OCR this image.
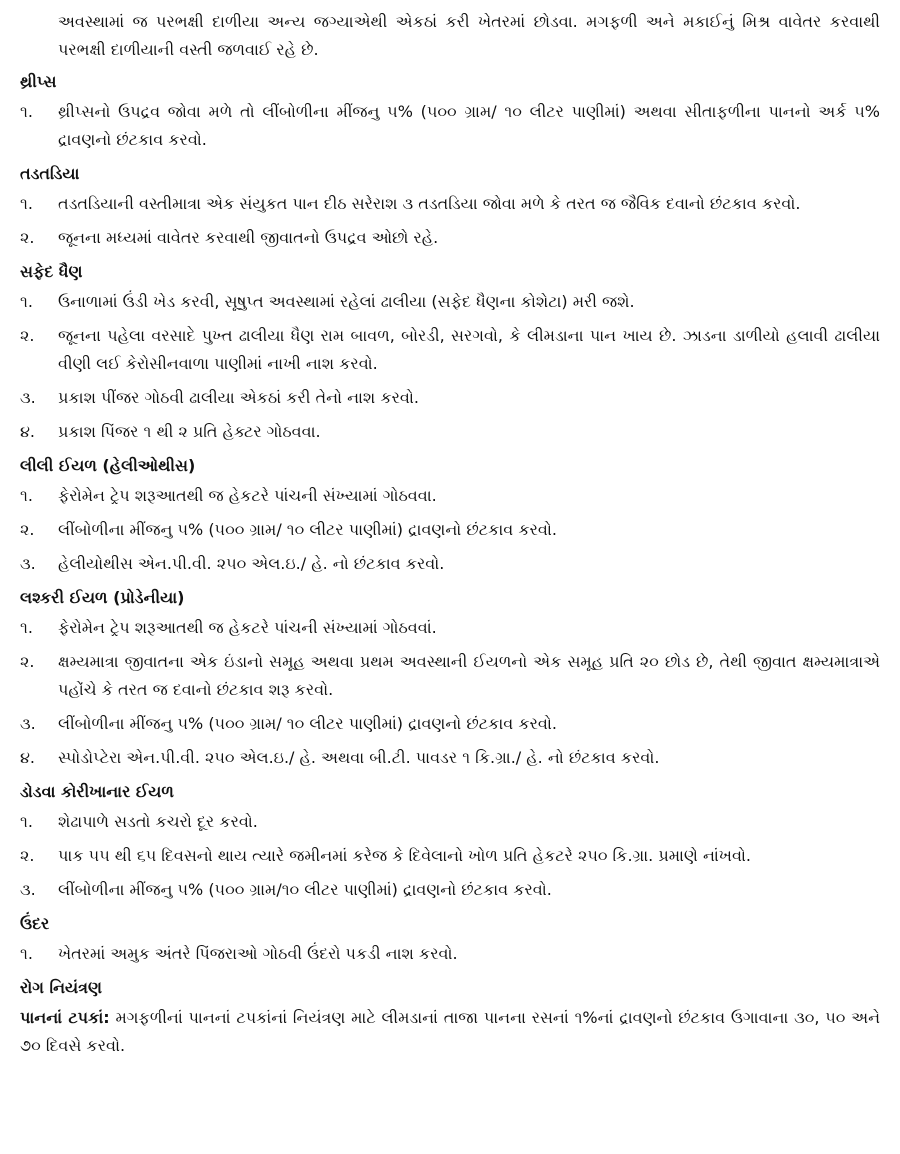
અવસ્થામાં જ પરભક્ષી દાળીયા અન્ય જગ્યાએથી એકઠાં કરી ખેતરમાં છોડવા. મગફળી અને મકાઈનું મિશ્ર વાવેતર કરવાથી પરભક્ષી દાળીયાની વસ્તી જળવાઈ રહે છે.

થ્રીપ્સ
૧.	થ્રીપ્સનો ઉપદ્રવ જોવા મળે તો લીંબોળીના મીંજનુ ૫% (૫૦૦ ગ્રામ/ ૧૦ લીટર પાણીમાં) અથવા સીતાફળીના પાનનો અર્ક ૫% દ્રાવણનો છંટકાવ કરવો.
તડતડિયા
૧.	તડતડિયાની વસ્તીમાત્રા એક સંયુકત પાન દીઠ સરેરાશ ૩ તડતડિયા જોવા મળે કે તરત જ જૈવિક દવાનો છંટકાવ કરવો.
૨.	જૂનના મધ્યમાં વાવેતર કરવાથી જીવાતનો ઉપદ્રવ ઓછો રહે.
સફેદ ધૈણ
૧.	ઉનાળામાં ઉંડી ખેડ કરવી, સૂષુપ્ત અવસ્થામાં રહેલાં ઢાલીયા (સફેદ ધૈણના કોશેટા) મરી જશે.
૨.	જૂનના પહેલા વરસાદે પુખ્ત ઢાલીયા ધૈણ રામ બાવળ, બોરડી, સરગવો, કે લીમડાના પાન ખાય છે. ઝાડના ડાળીયો હલાવી ઢાલીયા વીણી લઈ કેરોસીનવાળા પાણીમાં નાખી નાશ કરવો.
૩.	પ્રકાશ પીંજર ગોઠવી ઢાલીયા એકઠાં કરી તેનો નાશ કરવો.
૪.	પ્રકાશ પિંજર ૧ થી ૨ પ્રતિ હેક્ટર ગોઠવવા.
લીલી ઈયળ (હેલીઓથીસ)
૧.	ફેરોમેન ટ્રેપ શરૂઆતથી જ હેકટરે પાંચની સંખ્યામાં ગોઠવવા.
૨.	લીંબોળીના મીંજનુ ૫% (૫૦૦ ગ્રામ/ ૧૦ લીટર પાણીમાં) દ્રાવણનો છંટકાવ કરવો.
૩.	હેલીયોથીસ એન.પી.વી. ૨૫૦ એલ.ઇ./ હે. નો છંટકાવ કરવો.
લશ્કરી ઈયળ (પ્રોડેનીયા)
૧.	ફેરોમેન ટ્રેપ શરૂઆતથી જ હેકટરે પાંચની સંખ્યામાં ગોઠવવાં.
૨.	ક્ષમ્યમાત્રા જીવાતના એક ઇંડાનો સમૂહ અથવા પ્રથમ અવસ્થાની ઈયળનો એક સમૂહ પ્રતિ ૨૦ છોડ છે, તેથી જીવાત ક્ષમ્યમાત્રાએ પહોંચે કે તરત જ દવાનો છંટકાવ શરૂ કરવો.
૩.	લીંબોળીના મીંજનુ ૫% (૫૦૦ ગ્રામ/ ૧૦ લીટર પાણીમાં) દ્રાવણનો છંટકાવ કરવો.
૪.	સ્પોડોપ્ટેરા એન.પી.વી. ૨૫૦ એલ.ઇ./ હે. અથવા બી.ટી. પાવડર ૧ કિ.ગ્રા./ હે. નો છંટકાવ કરવો.
ડોડવા કોરીખાનાર ઈયળ
૧.	શેઢાપાળે સડતો કચરો દૂર કરવો.
૨.	પાક ૫૫ થી ૬૫ દિવસનો થાય ત્યારે જમીનમાં કરેજ કે દિવેલાનો ખોળ પ્રતિ હેકટરે ૨૫૦ કિ.ગ્રા. પ્રમાણે નાંખવો.
૩.	લીંબોળીના મીંજનુ ૫% (૫૦૦ ગ્રામ/૧૦ લીટર પાણીમાં) દ્રાવણનો છંટકાવ કરવો.
ઉંદર
૧.	ખેતરમાં અમુક અંતરે પિંજરાઓ ગોઠવી ઉંદરો પકડી નાશ કરવો.
રોગ નિયંત્રણ

પાનનાં ટપકાં: મગફળીનાં પાનનાં ટપકાંનાં નિયંત્રણ માટે લીમડાનાં તાજા પાનના રસનાં ૧%નાં દ્રાવણનો છંટકાવ ઉગાવાના ૩૦, ૫૦ અને ૭૦ દિવસે કરવો.
